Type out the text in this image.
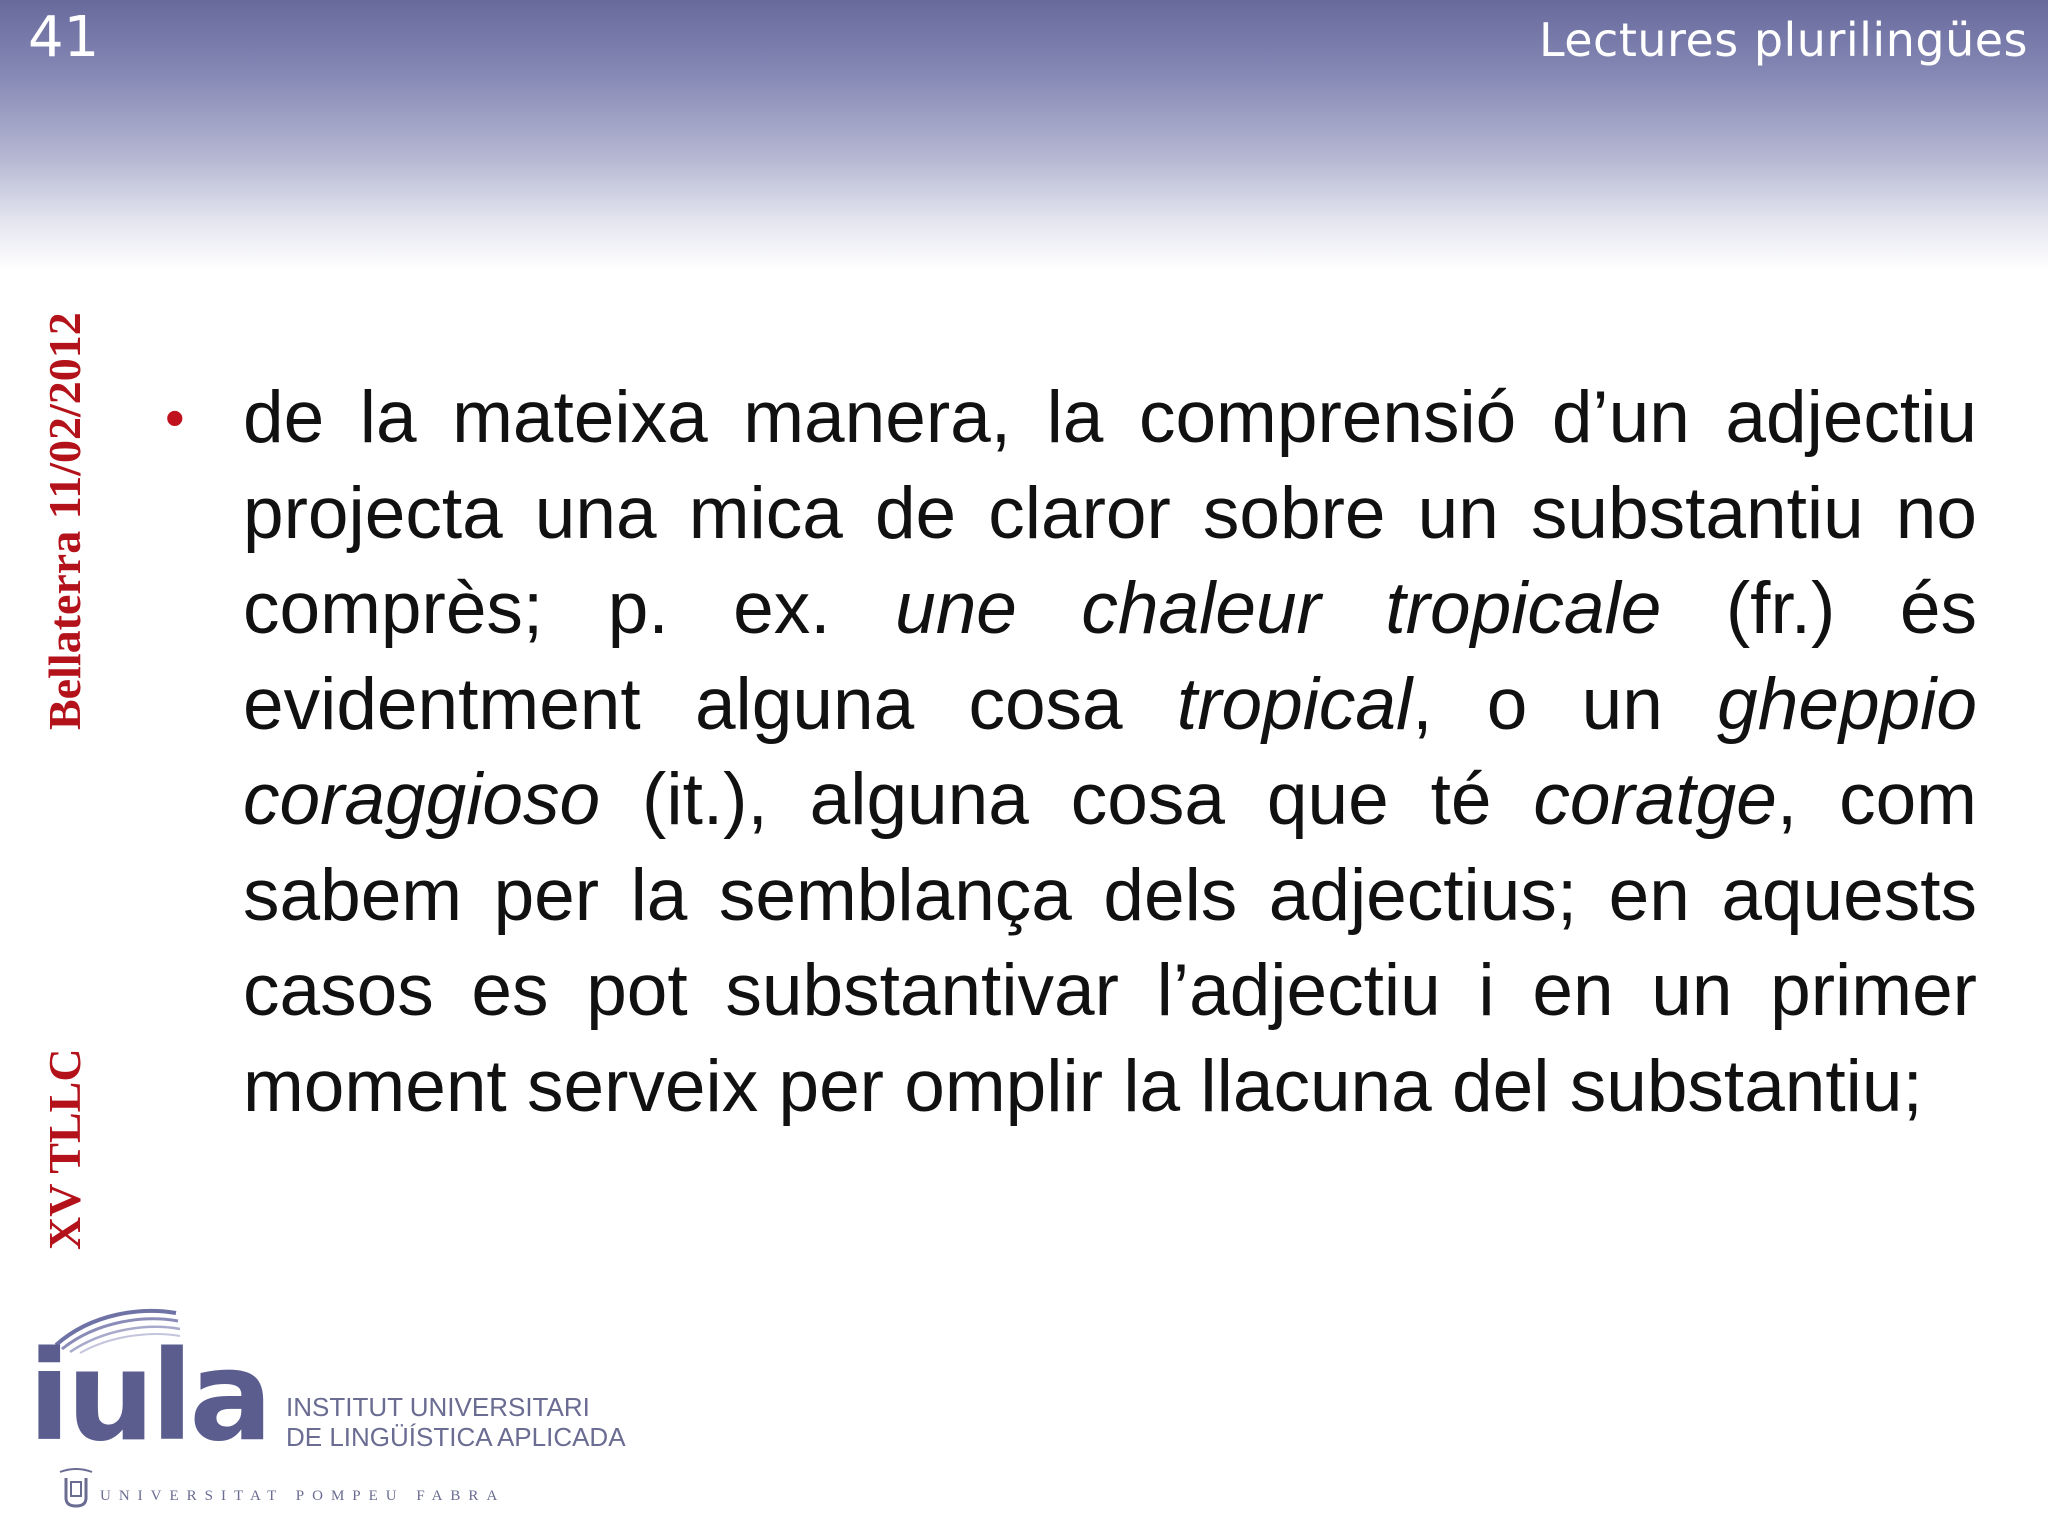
41	Lectures plurilingües
Bellaterra 11/02/2012
XV TLLC
• de la mateixa manera, la comprensió d’un adjectiu projecta una mica de claror sobre un substantiu no comprès; p. ex. une chaleur tropicale (fr.) és evidentment alguna cosa tropical, o un gheppio coraggioso (it.), alguna cosa que té coratge, com sabem per la semblança dels adjectius; en aquests casos es pot substantivar l’adjectiu i en un primer moment serveix per omplir la llacuna del substantiu;

iula INSTITUT UNIVERSITARI
DE LINGÜÍSTICA APLICADA
UNIVERSITAT POMPEU FABRA
